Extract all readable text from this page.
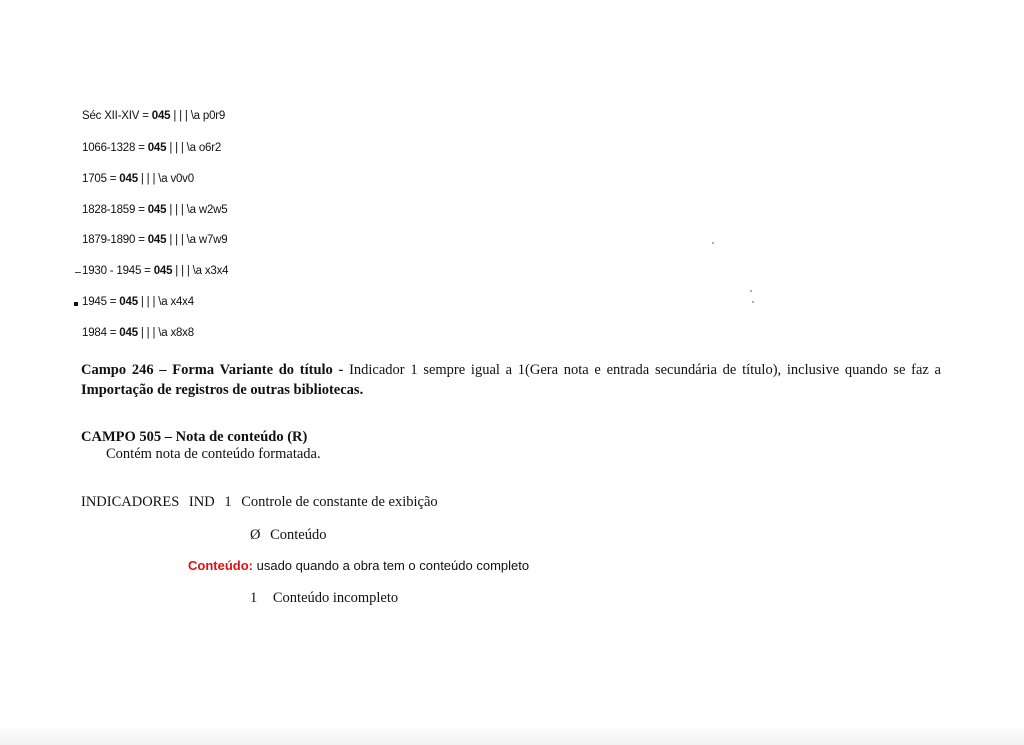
Séc XII-XIV = 045 | | | \a p0r9
1066-1328 = 045 | | | \a o6r2
1705 = 045 | | | \a v0v0
1828-1859 = 045 | | | \a w2w5
1879-1890 = 045 | | | \a w7w9
1930 - 1945 = 045 | | | \a x3x4
1945 = 045 | | | \a x4x4
1984 = 045 | | | \a x8x8
Campo 246 – Forma Variante do título - Indicador 1 sempre igual a 1(Gera nota e entrada secundária de título), inclusive quando se faz a Importação de registros de outras bibliotecas.
CAMPO 505 – Nota de conteúdo (R)
Contém nota de conteúdo formatada.
INDICADORES IND 1 Controle de constante de exibição
Ø Conteúdo
Conteúdo: usado quando a obra tem o conteúdo completo
1 Conteúdo incompleto
